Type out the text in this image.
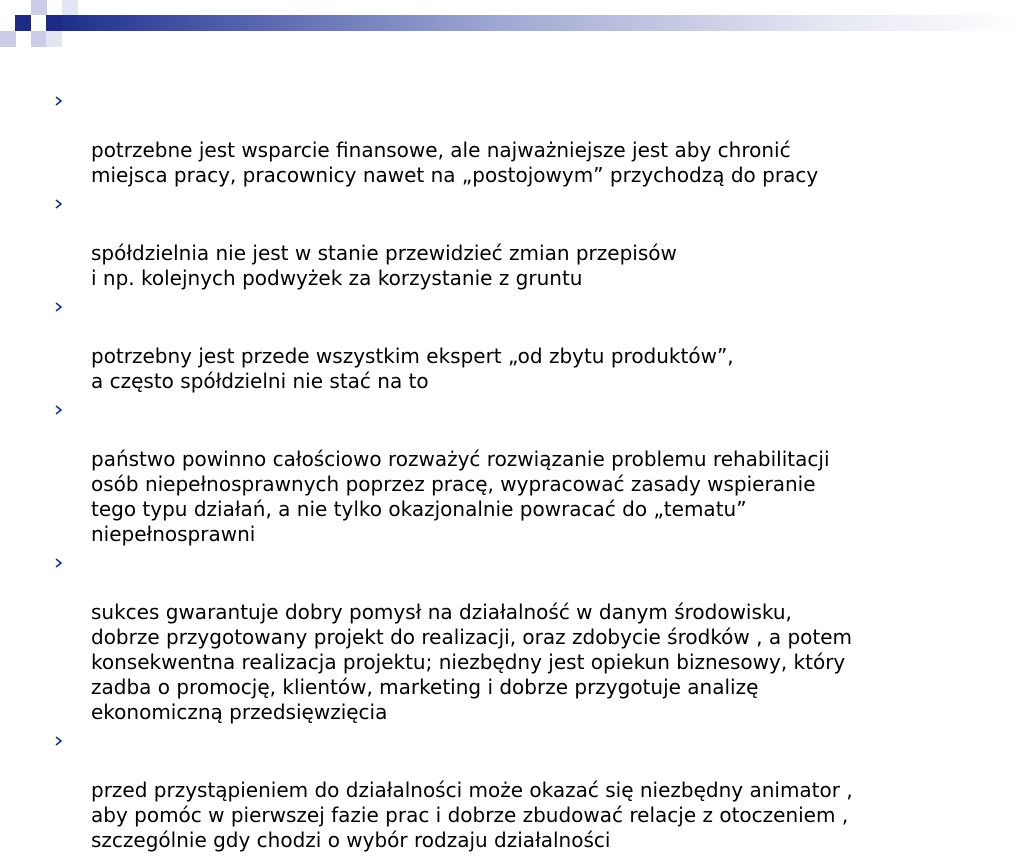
potrzebne jest wsparcie finansowe, ale najważniejsze jest aby chronić
miejsca pracy, pracownicy nawet na „postojowym” przychodzą do pracy

spółdzielnia nie jest w stanie przewidzieć zmian przepisów
i np. kolejnych podwyżek za korzystanie z gruntu

potrzebny jest przede wszystkim ekspert „od zbytu produktów”,
a często spółdzielni nie stać na to

państwo powinno całościowo rozważyć rozwiązanie problemu rehabilitacji
osób niepełnosprawnych poprzez pracę, wypracować zasady wspieranie
tego typu działań, a nie tylko okazjonalnie powracać do „tematu”
niepełnosprawni

sukces gwarantuje dobry pomysł na działalność w danym środowisku,
dobrze przygotowany projekt do realizacji, oraz zdobycie środków , a potem
konsekwentna realizacja projektu; niezbędny jest opiekun biznesowy, który
zadba o promocję, klientów, marketing i dobrze przygotuje analizę
ekonomiczną przedsięwzięcia

przed przystąpieniem do działalności może okazać się niezbędny animator ,
aby pomóc w pierwszej fazie prac i dobrze zbudować relacje z otoczeniem ,
szczególnie gdy chodzi o wybór rodzaju działalności
